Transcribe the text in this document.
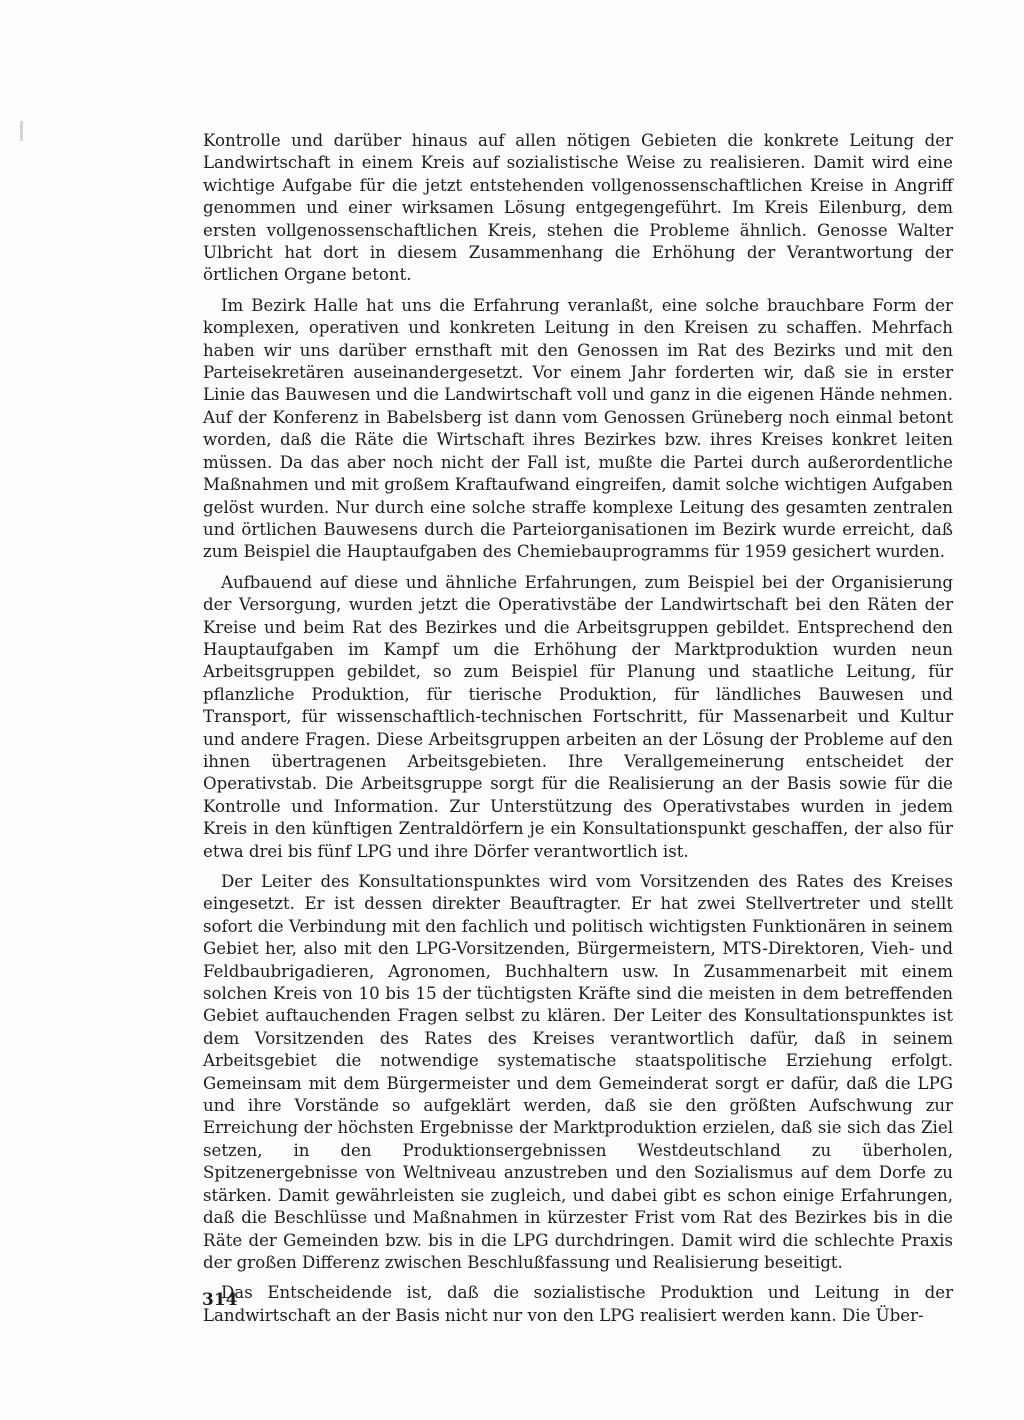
Kontrolle und darüber hinaus auf allen nötigen Gebieten die konkrete Leitung der Landwirtschaft in einem Kreis auf sozialistische Weise zu realisieren. Damit wird eine wichtige Aufgabe für die jetzt entstehenden vollgenossenschaftlichen Kreise in Angriff genommen und einer wirksamen Lösung entgegengeführt. Im Kreis Eilenburg, dem ersten vollgenossenschaftlichen Kreis, stehen die Probleme ähnlich. Genosse Walter Ulbricht hat dort in diesem Zusammenhang die Erhöhung der Verantwortung der örtlichen Organe betont.

Im Bezirk Halle hat uns die Erfahrung veranlaßt, eine solche brauchbare Form der komplexen, operativen und konkreten Leitung in den Kreisen zu schaffen. Mehrfach haben wir uns darüber ernsthaft mit den Genossen im Rat des Bezirks und mit den Parteisekretären auseinandergesetzt. Vor einem Jahr forderten wir, daß sie in erster Linie das Bauwesen und die Landwirtschaft voll und ganz in die eigenen Hände nehmen. Auf der Konferenz in Babelsberg ist dann vom Genossen Grüneberg noch einmal betont worden, daß die Räte die Wirtschaft ihres Bezirkes bzw. ihres Kreises konkret leiten müssen. Da das aber noch nicht der Fall ist, mußte die Partei durch außerordentliche Maßnahmen und mit großem Kraftaufwand eingreifen, damit solche wichtigen Aufgaben gelöst wurden. Nur durch eine solche straffe komplexe Leitung des gesamten zentralen und örtlichen Bauwesens durch die Parteiorganisationen im Bezirk wurde erreicht, daß zum Beispiel die Hauptaufgaben des Chemiebauprogramms für 1959 gesichert wurden.

Aufbauend auf diese und ähnliche Erfahrungen, zum Beispiel bei der Organisierung der Versorgung, wurden jetzt die Operativstäbe der Landwirtschaft bei den Räten der Kreise und beim Rat des Bezirkes und die Arbeitsgruppen gebildet. Entsprechend den Hauptaufgaben im Kampf um die Erhöhung der Marktproduktion wurden neun Arbeitsgruppen gebildet, so zum Beispiel für Planung und staatliche Leitung, für pflanzliche Produktion, für tierische Produktion, für ländliches Bauwesen und Transport, für wissenschaftlich-technischen Fortschritt, für Massenarbeit und Kultur und andere Fragen. Diese Arbeitsgruppen arbeiten an der Lösung der Probleme auf den ihnen übertragenen Arbeitsgebieten. Ihre Verallgemeinerung entscheidet der Operativstab. Die Arbeitsgruppe sorgt für die Realisierung an der Basis sowie für die Kontrolle und Information. Zur Unterstützung des Operativstabes wurden in jedem Kreis in den künftigen Zentraldörfern je ein Konsultationspunkt geschaffen, der also für etwa drei bis fünf LPG und ihre Dörfer verantwortlich ist.

Der Leiter des Konsultationspunktes wird vom Vorsitzenden des Rates des Kreises eingesetzt. Er ist dessen direkter Beauftragter. Er hat zwei Stellvertreter und stellt sofort die Verbindung mit den fachlich und politisch wichtigsten Funktionären in seinem Gebiet her, also mit den LPG-Vorsitzenden, Bürgermeistern, MTS-Direktoren, Vieh- und Feldbaubrigadieren, Agronomen, Buchhaltern usw. In Zusammenarbeit mit einem solchen Kreis von 10 bis 15 der tüchtigsten Kräfte sind die meisten in dem betreffenden Gebiet auftauchenden Fragen selbst zu klären. Der Leiter des Konsultationspunktes ist dem Vorsitzenden des Rates des Kreises verantwortlich dafür, daß in seinem Arbeitsgebiet die notwendige systematische staatspolitische Erziehung erfolgt. Gemeinsam mit dem Bürgermeister und dem Gemeinderat sorgt er dafür, daß die LPG und ihre Vorstände so aufgeklärt werden, daß sie den größten Aufschwung zur Erreichung der höchsten Ergebnisse der Marktproduktion erzielen, daß sie sich das Ziel setzen, in den Produktionsergebnissen Westdeutschland zu überholen, Spitzenergebnisse von Weltniveau anzustreben und den Sozialismus auf dem Dorfe zu stärken. Damit gewährleisten sie zugleich, und dabei gibt es schon einige Erfahrungen, daß die Beschlüsse und Maßnahmen in kürzester Frist vom Rat des Bezirkes bis in die Räte der Gemeinden bzw. bis in die LPG durchdringen. Damit wird die schlechte Praxis der großen Differenz zwischen Beschlußfassung und Realisierung beseitigt.

Das Entscheidende ist, daß die sozialistische Produktion und Leitung in der Landwirtschaft an der Basis nicht nur von den LPG realisiert werden kann. Die Über-

314
